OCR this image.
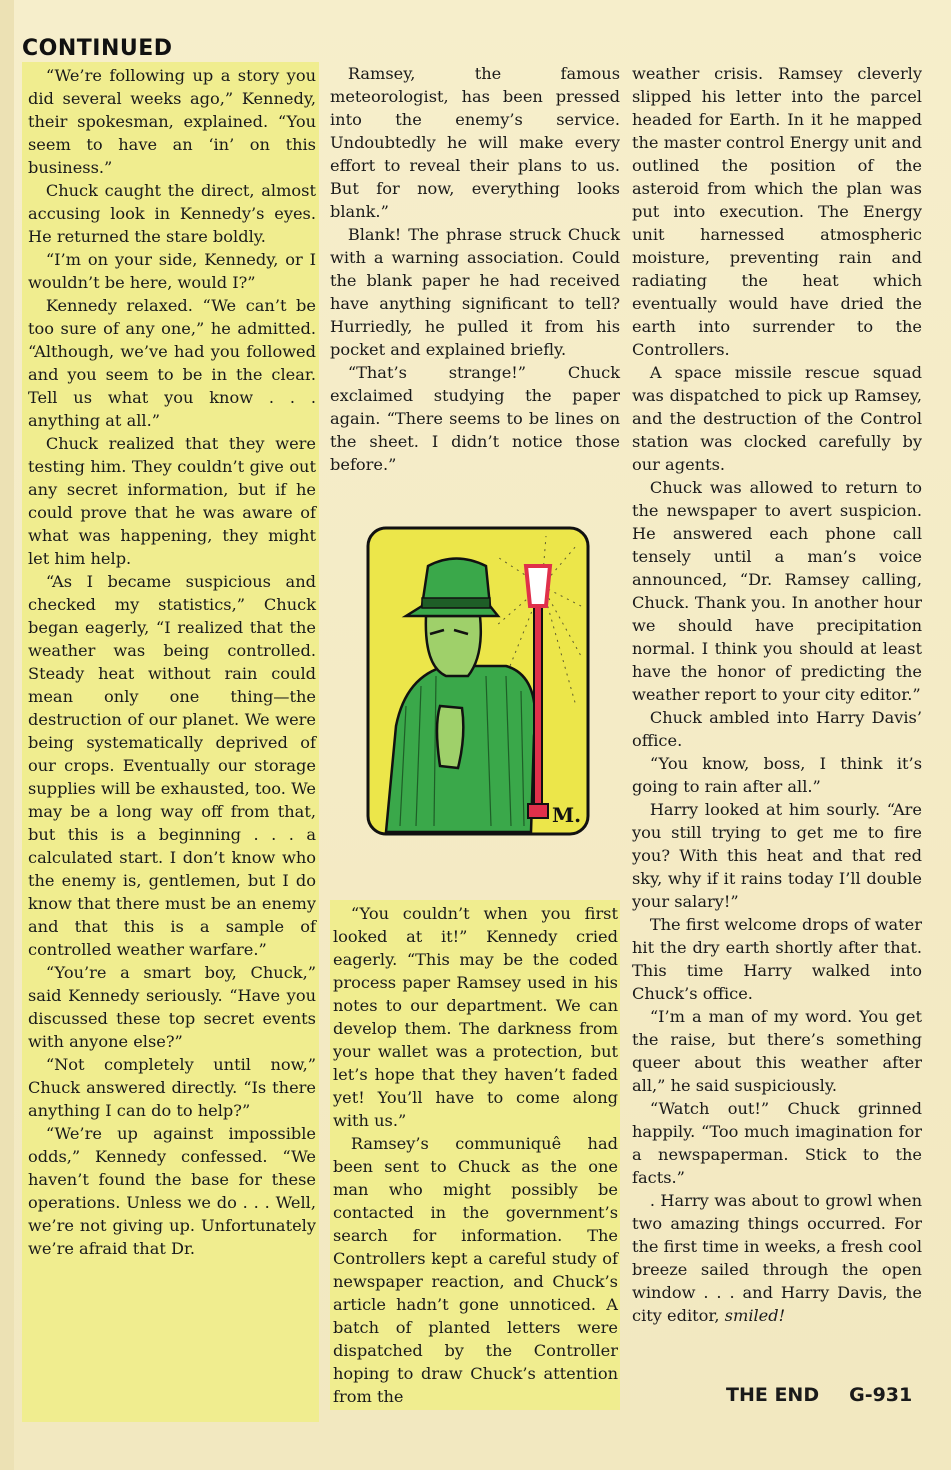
CONTINUED

“We’re following up a story you did several weeks ago,” Kennedy, their spokesman, explained. “You seem to have an ‘in’ on this business.”

Chuck caught the direct, almost accusing look in Kennedy’s eyes. He returned the stare boldly.

“I’m on your side, Kennedy, or I wouldn’t be here, would I?”

Kennedy relaxed. “We can’t be too sure of any one,” he admitted. “Although, we’ve had you followed and you seem to be in the clear. Tell us what you know . . . anything at all.”

Chuck realized that they were testing him. They couldn’t give out any secret information, but if he could prove that he was aware of what was happening, they might let him help.

“As I became suspicious and checked my statistics,” Chuck began eagerly, “I realized that the weather was being controlled. Steady heat without rain could mean only one thing—the destruction of our planet. We were being systematically deprived of our crops. Eventually our storage supplies will be exhausted, too. We may be a long way off from that, but this is a beginning . . . a calculated start. I don’t know who the enemy is, gentlemen, but I do know that there must be an enemy and that this is a sample of controlled weather warfare.”

“You’re a smart boy, Chuck,” said Kennedy seriously. “Have you discussed these top secret events with anyone else?”

“Not completely until now,” Chuck answered directly. “Is there anything I can do to help?”

“We’re up against impossible odds,” Kennedy confessed. “We haven’t found the base for these operations. Unless we do . . . Well, we’re not giving up. Unfortunately we’re afraid that Dr.

Ramsey, the famous meteorologist, has been pressed into the enemy’s service. Undoubtedly he will make every effort to reveal their plans to us. But for now, everything looks blank.”

Blank! The phrase struck Chuck with a warning association. Could the blank paper he had received have anything significant to tell? Hurriedly, he pulled it from his pocket and explained briefly.

“That’s strange!” Chuck exclaimed studying the paper again. “There seems to be lines on the sheet. I didn’t notice those before.”

“You couldn’t when you first looked at it!” Kennedy cried eagerly. “This may be the coded process paper Ramsey used in his notes to our department. We can develop them. The darkness from your wallet was a protection, but let’s hope that they haven’t faded yet! You’ll have to come along with us.”

Ramsey’s communiquê had been sent to Chuck as the one man who might possibly be contacted in the government’s search for information. The Controllers kept a careful study of newspaper reaction, and Chuck’s article hadn’t gone unnoticed. A batch of planted letters were dispatched by the Controller hoping to draw Chuck’s attention from the

M.

weather crisis. Ramsey cleverly slipped his letter into the parcel headed for Earth. In it he mapped the master control Energy unit and outlined the position of the asteroid from which the plan was put into execution. The Energy unit harnessed atmospheric moisture, preventing rain and radiating the heat which eventually would have dried the earth into surrender to the Controllers.

A space missile rescue squad was dispatched to pick up Ramsey, and the destruction of the Control station was clocked carefully by our agents.

Chuck was allowed to return to the newspaper to avert suspicion. He answered each phone call tensely until a man’s voice announced, “Dr. Ramsey calling, Chuck. Thank you. In another hour we should have precipitation normal. I think you should at least have the honor of predicting the weather report to your city editor.”

Chuck ambled into Harry Davis’ office.

“You know, boss, I think it’s going to rain after all.”

Harry looked at him sourly. “Are you still trying to get me to fire you? With this heat and that red sky, why if it rains today I’ll double your salary!”

The first welcome drops of water hit the dry earth shortly after that. This time Harry walked into Chuck’s office.

“I’m a man of my word. You get the raise, but there’s something queer about this weather after all,” he said suspiciously.

“Watch out!” Chuck grinned happily. “Too much imagination for a newspaperman. Stick to the facts.”

. Harry was about to growl when two amazing things occurred. For the first time in weeks, a fresh cool breeze sailed through the open window . . . and Harry Davis, the city editor, smiled!

THE END G-931
